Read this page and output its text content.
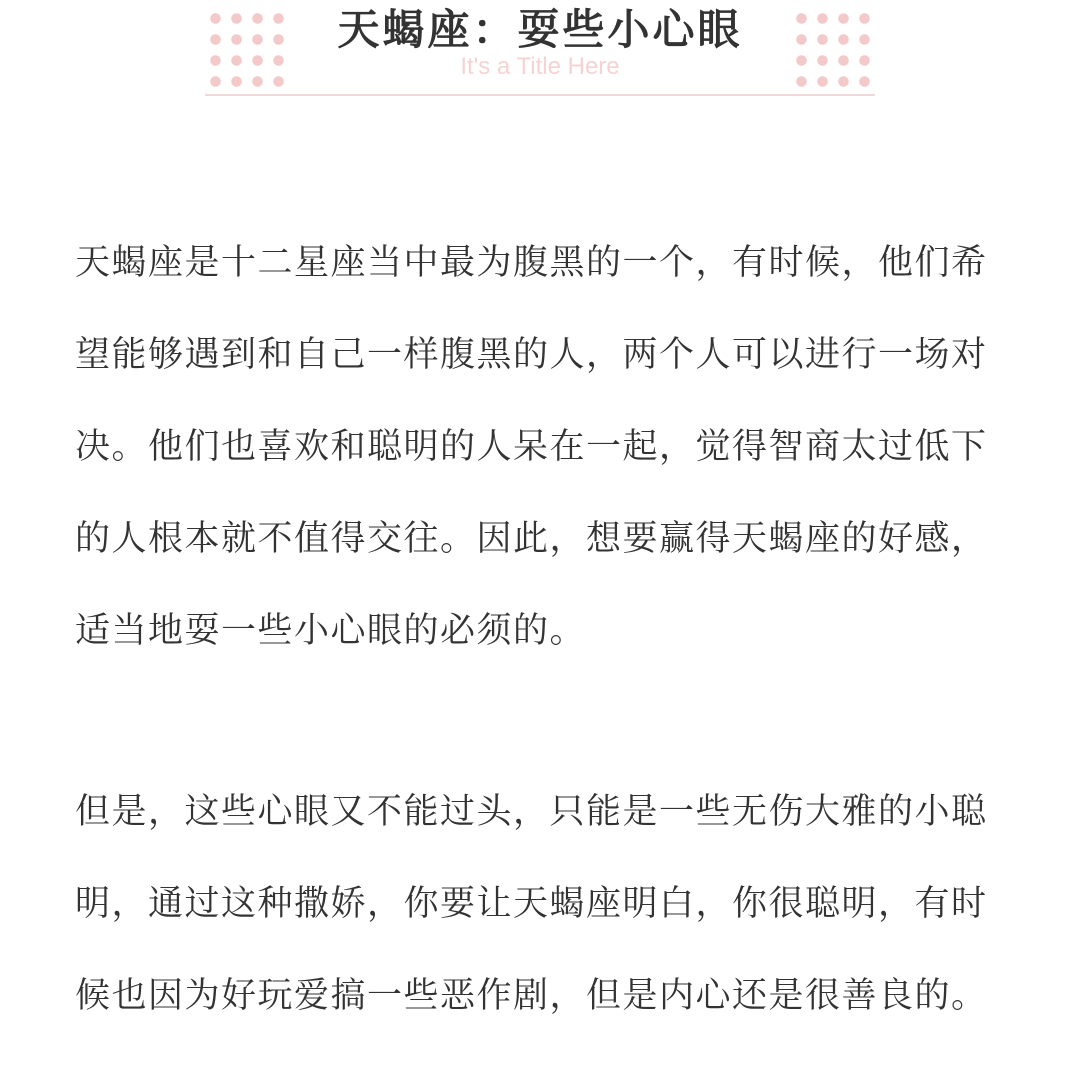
天蝎座：耍些小心眼
It's a Title Here

天蝎座是十二星座当中最为腹黑的一个，有时候，他们希望能够遇到和自己一样腹黑的人，两个人可以进行一场对决。他们也喜欢和聪明的人呆在一起，觉得智商太过低下的人根本就不值得交往。因此，想要赢得天蝎座的好感，适当地耍一些小心眼的必须的。

但是，这些心眼又不能过头，只能是一些无伤大雅的小聪明，通过这种撒娇，你要让天蝎座明白，你很聪明，有时候也因为好玩爱搞一些恶作剧，但是内心还是很善良的。
